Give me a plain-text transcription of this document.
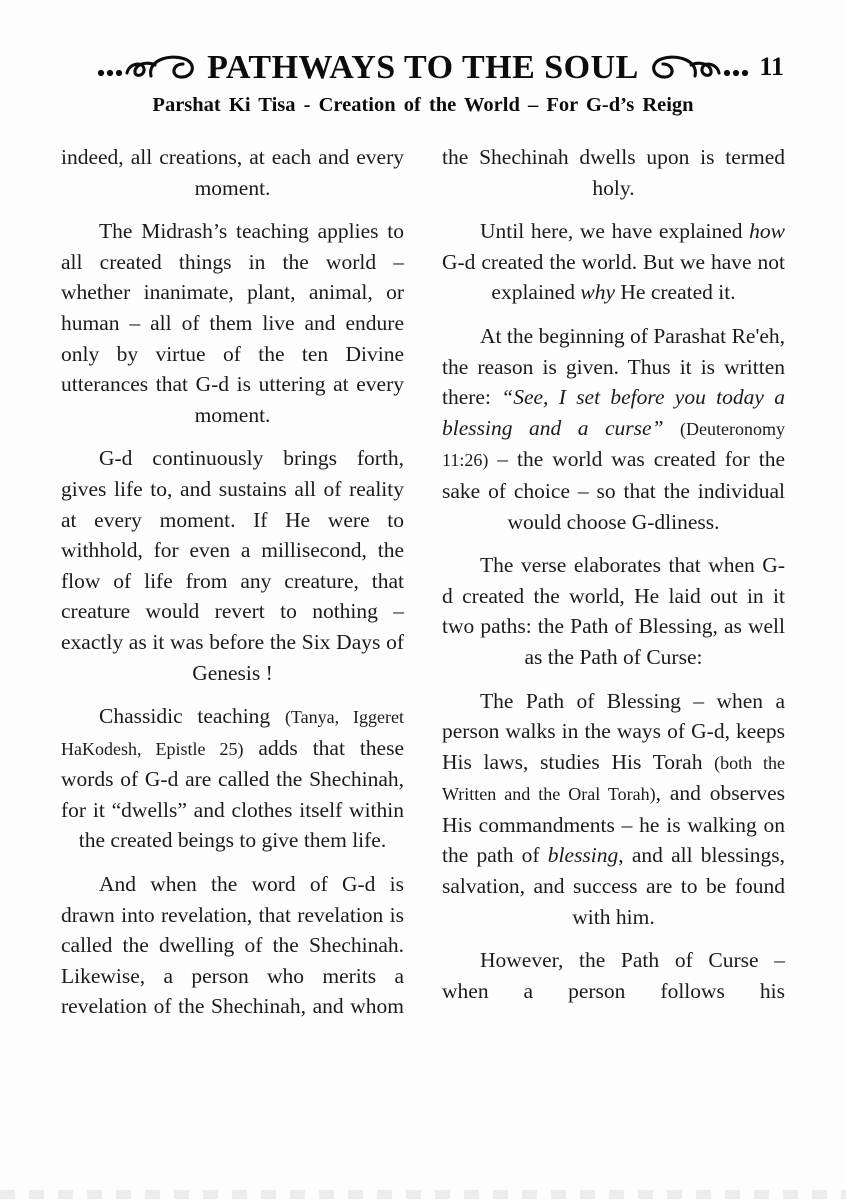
PATHWAYS TO THE SOUL	11
Parshat Ki Tisa - Creation of the World – For G-d’s Reign

indeed, all creations, at each and every moment.

The Midrash’s teaching applies to all created things in the world – whether inanimate, plant, animal, or human – all of them live and endure only by virtue of the ten Divine utterances that G-d is uttering at every moment.

G-d continuously brings forth, gives life to, and sustains all of reality at every moment. If He were to withhold, for even a millisecond, the flow of life from any creature, that creature would revert to nothing – exactly as it was before the Six Days of Genesis !

Chassidic teaching (Tanya, Iggeret HaKodesh, Epistle 25) adds that these words of G-d are called the Shechinah, for it “dwells” and clothes itself within the created beings to give them life.

And when the word of G-d is drawn into revelation, that revelation is called the dwelling of the Shechinah. Likewise, a person who merits a revelation of the Shechinah, and whom

the Shechinah dwells upon is termed holy.

Until here, we have explained how G-d created the world. But we have not explained why He created it.

At the beginning of Parashat Re'eh, the reason is given. Thus it is written there: “See, I set before you today a blessing and a curse” (Deuteronomy 11:26) – the world was created for the sake of choice – so that the individual would choose G-dliness.

The verse elaborates that when G-d created the world, He laid out in it two paths: the Path of Blessing, as well as the Path of Curse:

The Path of Blessing – when a person walks in the ways of G-d, keeps His laws, studies His Torah (both the Written and the Oral Torah), and observes His commandments – he is walking on the path of blessing, and all blessings, salvation, and success are to be found with him.

However, the Path of Curse – when a person follows his
